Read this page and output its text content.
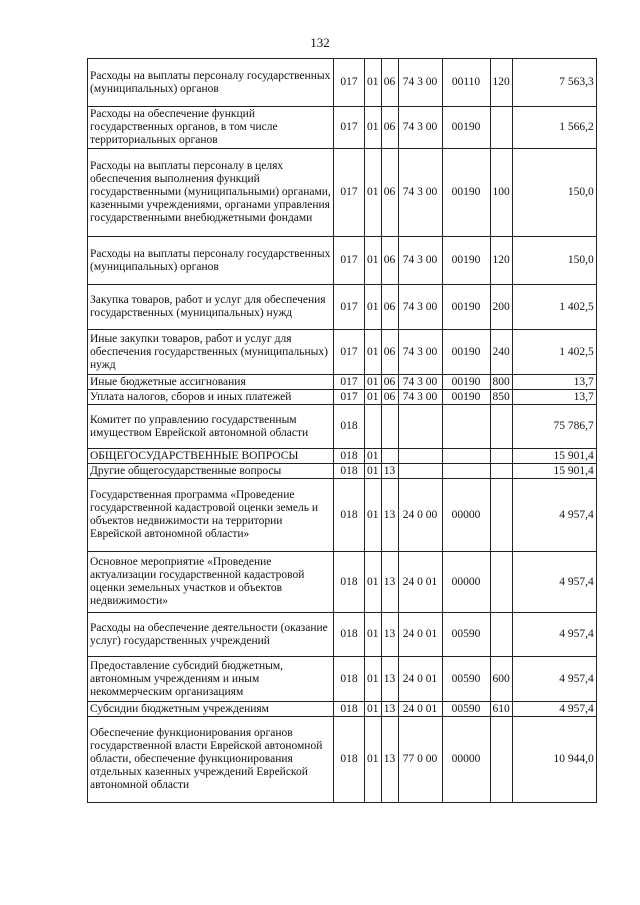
132
Расходы на выплаты персоналу государственных (муниципальных) органов	017	01	06	74 3 00	00110	120	7 563,3
Расходы на обеспечение функций государственных органов, в том числе территориальных органов	017	01	06	74 3 00	00190		1 566,2
Расходы на выплаты персоналу в целях обеспечения выполнения функций государственными (муниципальными) органами, казенными учреждениями, органами управления государственными внебюджетными фондами	017	01	06	74 3 00	00190	100	150,0
Расходы на выплаты персоналу государственных (муниципальных) органов	017	01	06	74 3 00	00190	120	150,0
Закупка товаров, работ и услуг для обеспечения государственных (муниципальных) нужд	017	01	06	74 3 00	00190	200	1 402,5
Иные закупки товаров, работ и услуг для обеспечения государственных (муниципальных) нужд	017	01	06	74 3 00	00190	240	1 402,5
Иные бюджетные ассигнования	017	01	06	74 3 00	00190	800	13,7
Уплата налогов, сборов и иных платежей	017	01	06	74 3 00	00190	850	13,7
Комитет по управлению государственным имуществом Еврейской автономной области	018						75 786,7
ОБЩЕГОСУДАРСТВЕННЫЕ ВОПРОСЫ	018	01					15 901,4
Другие общегосударственные вопросы	018	01	13				15 901,4
Государственная программа «Проведение государственной кадастровой оценки земель и объектов недвижимости на территории Еврейской автономной области»	018	01	13	24 0 00	00000		4 957,4
Основное мероприятие «Проведение актуализации государственной кадастровой оценки земельных участков и объектов недвижимости»	018	01	13	24 0 01	00000		4 957,4
Расходы на обеспечение деятельности (оказание услуг) государственных учреждений	018	01	13	24 0 01	00590		4 957,4
Предоставление субсидий бюджетным, автономным учреждениям и иным некоммерческим организациям	018	01	13	24 0 01	00590	600	4 957,4
Субсидии бюджетным учреждениям	018	01	13	24 0 01	00590	610	4 957,4
Обеспечение функционирования органов государственной власти Еврейской автономной области, обеспечение функционирования отдельных казенных учреждений Еврейской автономной области	018	01	13	77 0 00	00000		10 944,0
